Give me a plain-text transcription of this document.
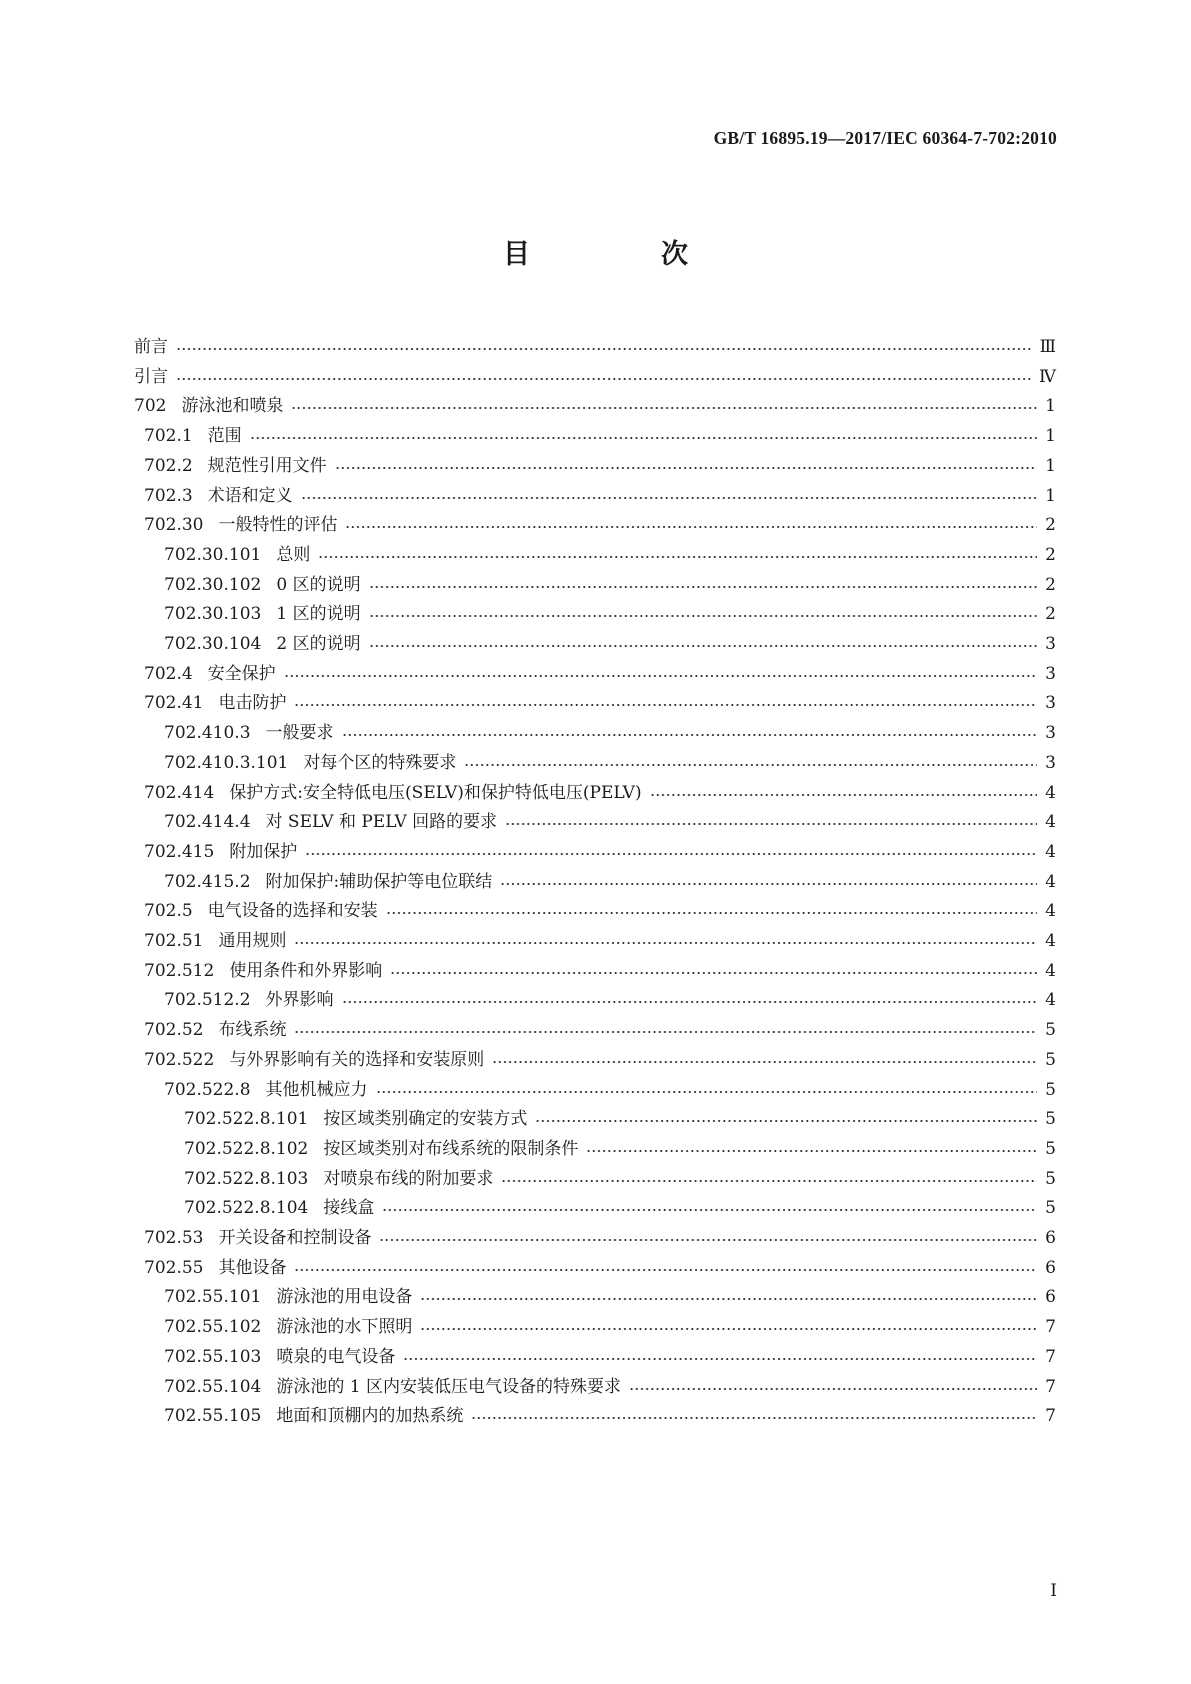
GB/T 16895.19—2017/IEC 60364-7-702:2010
目　次
前言	Ⅲ
引言	Ⅳ
702 游泳池和喷泉	1
702.1 范围	1
702.2 规范性引用文件	1
702.3 术语和定义	1
702.30 一般特性的评估	2
702.30.101 总则	2
702.30.102 0 区的说明	2
702.30.103 1 区的说明	2
702.30.104 2 区的说明	3
702.4 安全保护	3
702.41 电击防护	3
702.410.3 一般要求	3
702.410.3.101 对每个区的特殊要求	3
702.414 保护方式:安全特低电压(SELV)和保护特低电压(PELV)	4
702.414.4 对 SELV 和 PELV 回路的要求	4
702.415 附加保护	4
702.415.2 附加保护:辅助保护等电位联结	4
702.5 电气设备的选择和安装	4
702.51 通用规则	4
702.512 使用条件和外界影响	4
702.512.2 外界影响	4
702.52 布线系统	5
702.522 与外界影响有关的选择和安装原则	5
702.522.8 其他机械应力	5
702.522.8.101 按区域类别确定的安装方式	5
702.522.8.102 按区域类别对布线系统的限制条件	5
702.522.8.103 对喷泉布线的附加要求	5
702.522.8.104 接线盒	5
702.53 开关设备和控制设备	6
702.55 其他设备	6
702.55.101 游泳池的用电设备	6
702.55.102 游泳池的水下照明	7
702.55.103 喷泉的电气设备	7
702.55.104 游泳池的 1 区内安装低压电气设备的特殊要求	7
702.55.105 地面和顶棚内的加热系统	7
I
